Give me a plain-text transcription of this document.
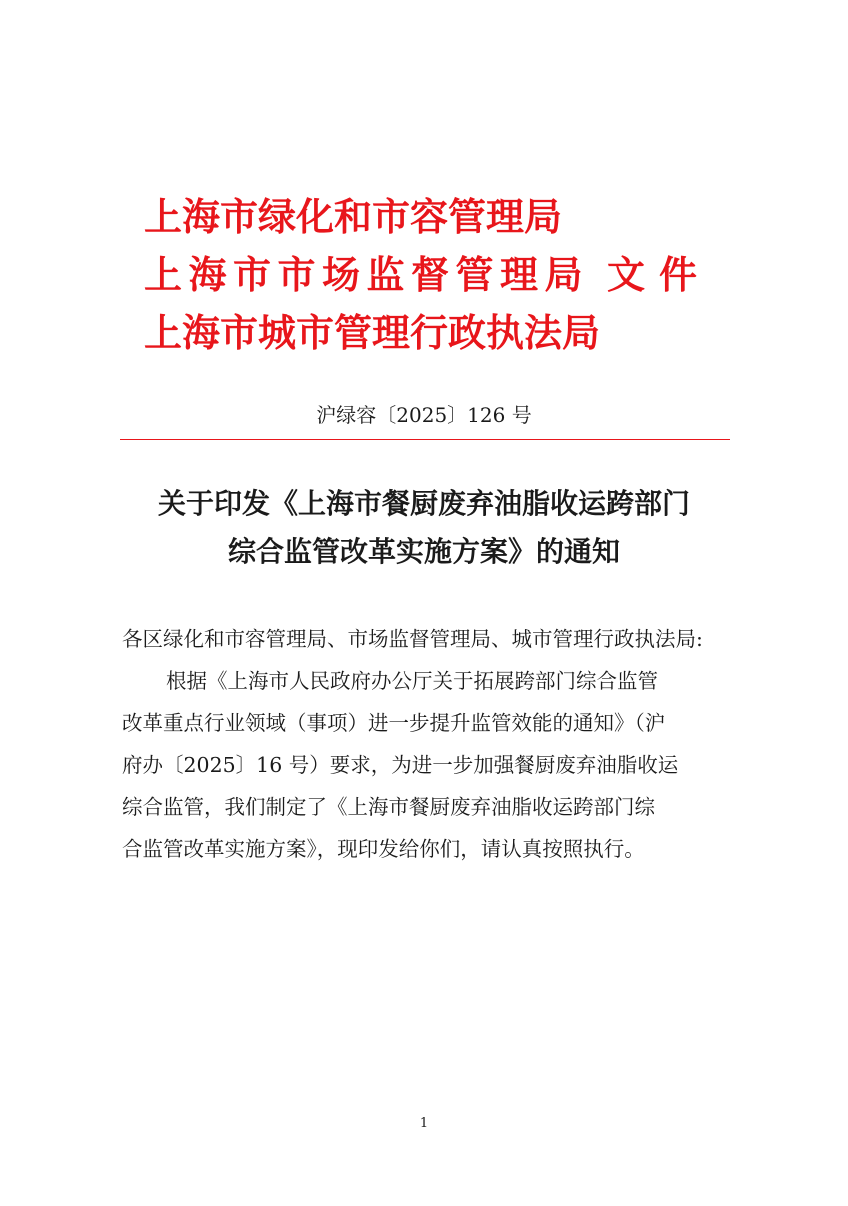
上海市绿化和市容管理局
上海市市场监督管理局 文件
上海市城市管理行政执法局
沪绿容〔2025〕126 号
关于印发《上海市餐厨废弃油脂收运跨部门
综合监管改革实施方案》的通知
各区绿化和市容管理局、市场监督管理局、城市管理行政执法局:
根据《上海市人民政府办公厅关于拓展跨部门综合监管
改革重点行业领域（事项）进一步提升监管效能的通知》（沪
府办〔2025〕16 号）要求，为进一步加强餐厨废弃油脂收运
综合监管，我们制定了《上海市餐厨废弃油脂收运跨部门综
合监管改革实施方案》，现印发给你们，请认真按照执行。
1
